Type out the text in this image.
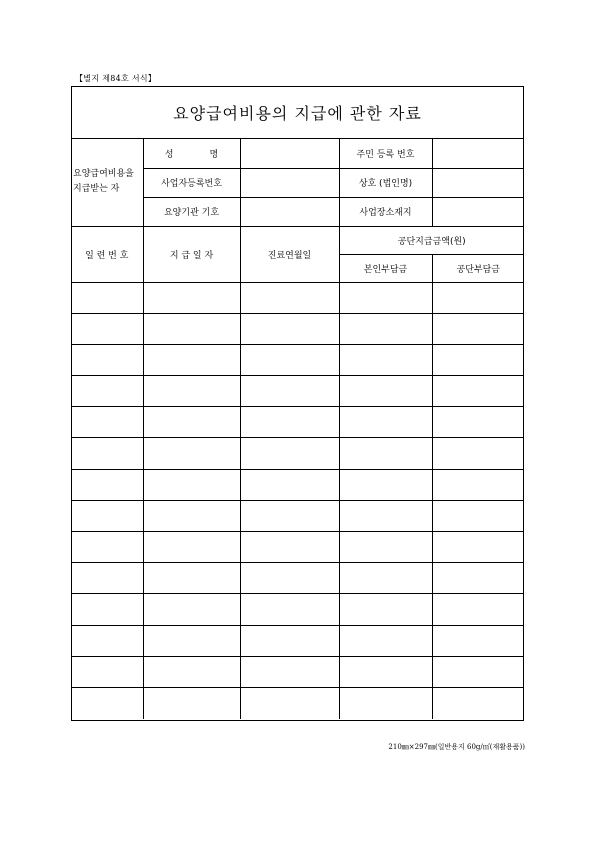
【별지 제84호 서식】
요양급여비용의 지급에 관한 자료
요양급여비용을 지급받는 자	성　　　　명		주민 등록 번호	
	사업자등록번호		상호 (법인명)	
	요양기관 기호		사업장소재지	
일 련 번 호	지 급 일 자	진료연월일	공단지급금액(원)	
			본인부담금	공단부담금

210㎜×297㎜(일반용지 60g/㎡(재활용품))
